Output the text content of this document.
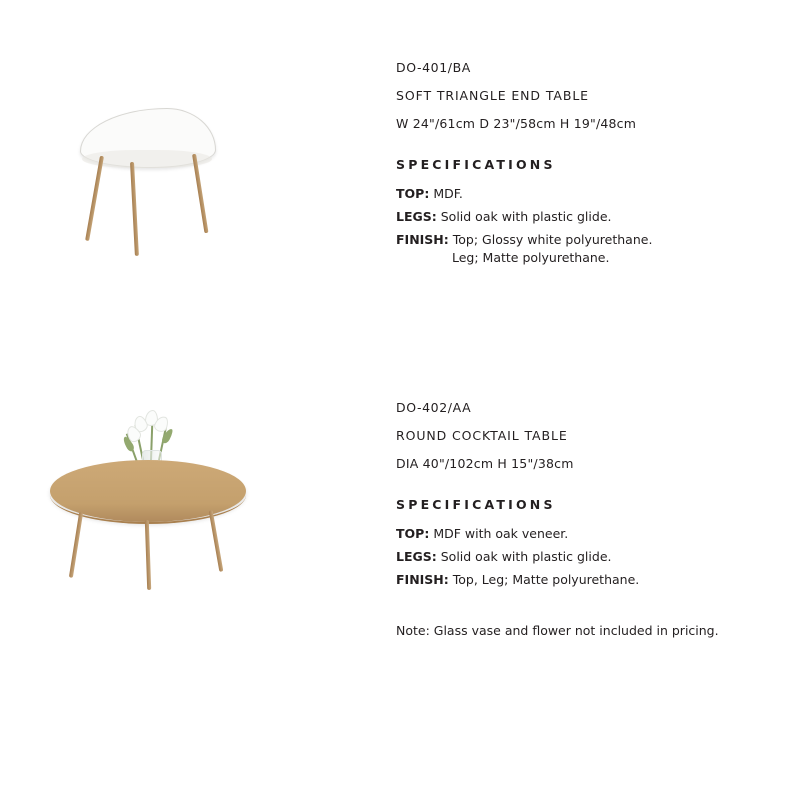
DO-401/BA
SOFT TRIANGLE END TABLE
W 24"/61cm D 23"/58cm H 19"/48cm
SPECIFICATIONS
TOP: MDF.
LEGS: Solid oak with plastic glide.
FINISH: Top; Glossy white polyurethane.
Leg; Matte polyurethane.
DO-402/AA
ROUND COCKTAIL TABLE
DIA 40"/102cm H 15"/38cm
SPECIFICATIONS
TOP: MDF with oak veneer.
LEGS: Solid oak with plastic glide.
FINISH: Top, Leg; Matte polyurethane.
Note: Glass vase and flower not included in pricing.
